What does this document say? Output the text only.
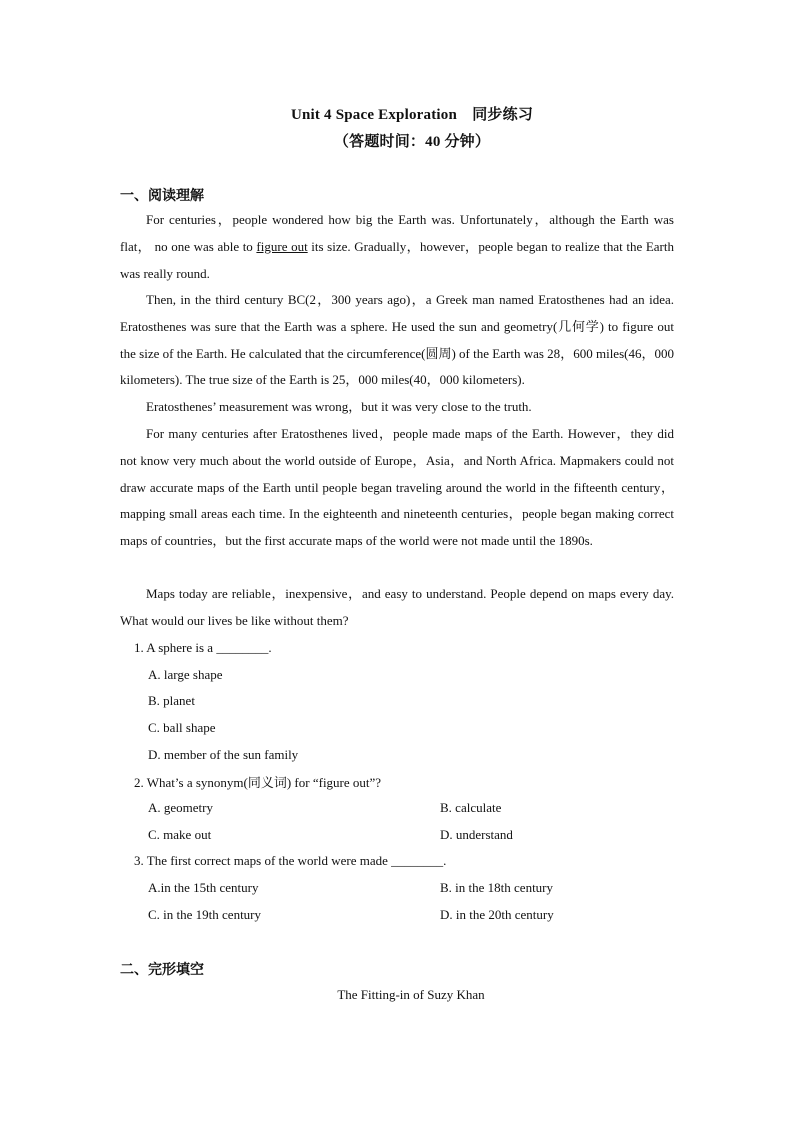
Unit 4 Space Exploration　同步练习
（答题时间：40 分钟）
一、阅读理解

For centuries，people wondered how big the Earth was. Unfortunately，although the Earth was flat， no one was able to figure out its size. Gradually，however，people began to realize that the Earth was really round.

Then, in the third century BC(2，300 years ago)，a Greek man named Eratosthenes had an idea. Eratosthenes was sure that the Earth was a sphere. He used the sun and geometry(几何学) to figure out the size of the Earth. He calculated that the circumference(圆周) of the Earth was 28，600 miles(46，000 kilometers). The true size of the Earth is 25，000 miles(40，000 kilometers).

Eratosthenes’ measurement was wrong，but it was very close to the truth.

For many centuries after Eratosthenes lived，people made maps of the Earth. However，they did not know very much about the world outside of Europe，Asia，and North Africa. Mapmakers could not draw accurate maps of the Earth until people began traveling around the world in the fifteenth century，mapping small areas each time. In the eighteenth and nineteenth centuries，people began making correct maps of countries，but the first accurate maps of the world were not made until the 1890s.

Maps today are reliable，inexpensive，and easy to understand. People depend on maps every day. What would our lives be like without them?

1. A sphere is a ________.
A. large shape
B. planet
C. ball shape
D. member of the sun family
2. What’s a synonym(同义词) for “figure out”?
A. geometry	B. calculate
C. make out	D. understand
3. The first correct maps of the world were made ________.
A.in the 15th century	B. in the 18th century
C. in the 19th century	D. in the 20th century
二、完形填空
The Fitting-in of Suzy Khan
